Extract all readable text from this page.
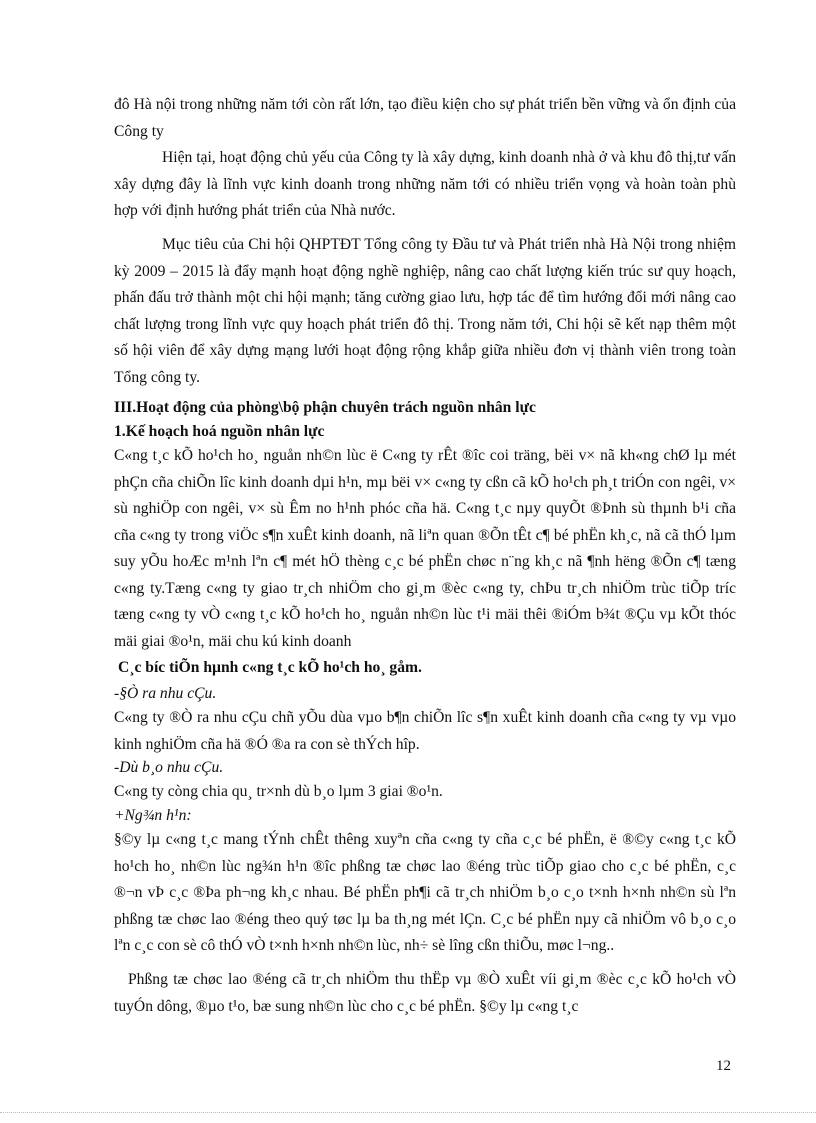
đô Hà nội trong những năm tới còn rất lớn, tạo điều kiện cho sự phát triển bền vững và ổn định của Công ty
Hiện tại, hoạt động chủ yếu của Công ty là xây dựng, kinh doanh nhà ở và khu đô thị,tư vấn xây dựng đây là lĩnh vực kinh doanh trong những năm tới có nhiều triển vọng và hoàn toàn phù hợp với định hướng phát triển của Nhà nước.
Mục tiêu của Chi hội QHPTĐT Tổng công ty Đầu tư và Phát triển nhà Hà Nội trong nhiệm kỳ 2009 – 2015 là đẩy mạnh hoạt động nghề nghiệp, nâng cao chất lượng kiến trúc sư quy hoạch, phấn đấu trở thành một chi hội mạnh; tăng cường giao lưu, hợp tác để tìm hướng đổi mới nâng cao chất lượng trong lĩnh vực quy hoạch phát triển đô thị. Trong năm tới, Chi hội sẽ kết nạp thêm một số hội viên để xây dựng mạng lưới hoạt động rộng khắp giữa nhiều đơn vị thành viên trong toàn Tổng công ty.
III.Hoạt động của phòng\bộ phận chuyên trách nguồn nhân lực
1.Kế hoạch hoá nguồn nhân lực
C«ng t¸c kÕ ho¹ch ho¸ nguån nh©n lùc ë C«ng ty rÊt ®îc coi träng, bëi v× nã kh«ng chØ lµ mét phÇn cña chiÕn lîc kinh doanh dµi h¹n, mµ bëi v× c«ng ty cßn cã kÕ ho¹ch ph¸t triÓn con ngêi, v× sù nghiÖp con ngêi, v× sù Êm no h¹nh phóc cña hä. C«ng t¸c nµy quyÕt ®Þnh sù thµnh b¹i cña cña c«ng ty trong viÖc s¶n xuÊt kinh doanh, nã liªn quan ®Õn tÊt c¶ bé phËn kh¸c, nã cã thÓ lµm suy yÕu hoÆc m¹nh lªn c¶ mét hÖ thèng c¸c bé phËn chøc n¨ng kh¸c nã ¶nh hëng ®Õn c¶ tæng c«ng ty.Tæng c«ng ty giao tr¸ch nhiÖm cho gi¸m ®èc c«ng ty, chÞu tr¸ch nhiÖm trùc tiÕp tríc tæng c«ng ty vÒ c«ng t¸c kÕ ho¹ch ho¸ nguån nh©n lùc t¹i mäi thêi ®iÓm b¾t ®Çu vµ kÕt thóc mäi giai ®o¹n, mäi chu kú kinh doanh
C¸c bíc tiÕn hµnh c«ng t¸c kÕ ho¹ch ho¸ gåm.
-§Ò ra nhu cÇu.
C«ng ty ®Ò ra nhu cÇu chñ yÕu dùa vµo b¶n chiÕn lîc s¶n xuÊt kinh doanh cña c«ng ty vµ vµo kinh nghiÖm cña hä ®Ó ®a ra con sè thÝch hîp.
-Dù b¸o nhu cÇu.
C«ng ty còng chia qu¸ tr×nh dù b¸o lµm 3 giai ®o¹n.
+Ng¾n h¹n:
§©y lµ c«ng t¸c mang tÝnh chÊt thêng xuyªn cña c«ng ty cña c¸c bé phËn, ë ®©y c«ng t¸c kÕ ho¹ch ho¸ nh©n lùc ng¾n h¹n ®îc phßng tæ chøc lao ®éng trùc tiÕp giao cho c¸c bé phËn, c¸c ®¬n vÞ c¸c ®Þa ph¬ng kh¸c nhau. Bé phËn ph¶i cã tr¸ch nhiÖm b¸o c¸o t×nh h×nh nh©n sù lªn phßng tæ chøc lao ®éng theo quý tøc lµ ba th¸ng mét lÇn. C¸c bé phËn nµy cã nhiÖm vô b¸o c¸o lªn c¸c con sè cô thÓ vÒ t×nh h×nh nh©n lùc, nh÷ sè lîng cßn thiÕu, møc l¬ng..
Phßng tæ chøc lao ®éng cã tr¸ch nhiÖm thu thËp vµ ®Ò xuÊt víi gi¸m ®èc c¸c kÕ ho¹ch vÒ tuyÓn dông, ®µo t¹o, bæ sung nh©n lùc cho c¸c bé phËn. §©y lµ c«ng t¸c
12
